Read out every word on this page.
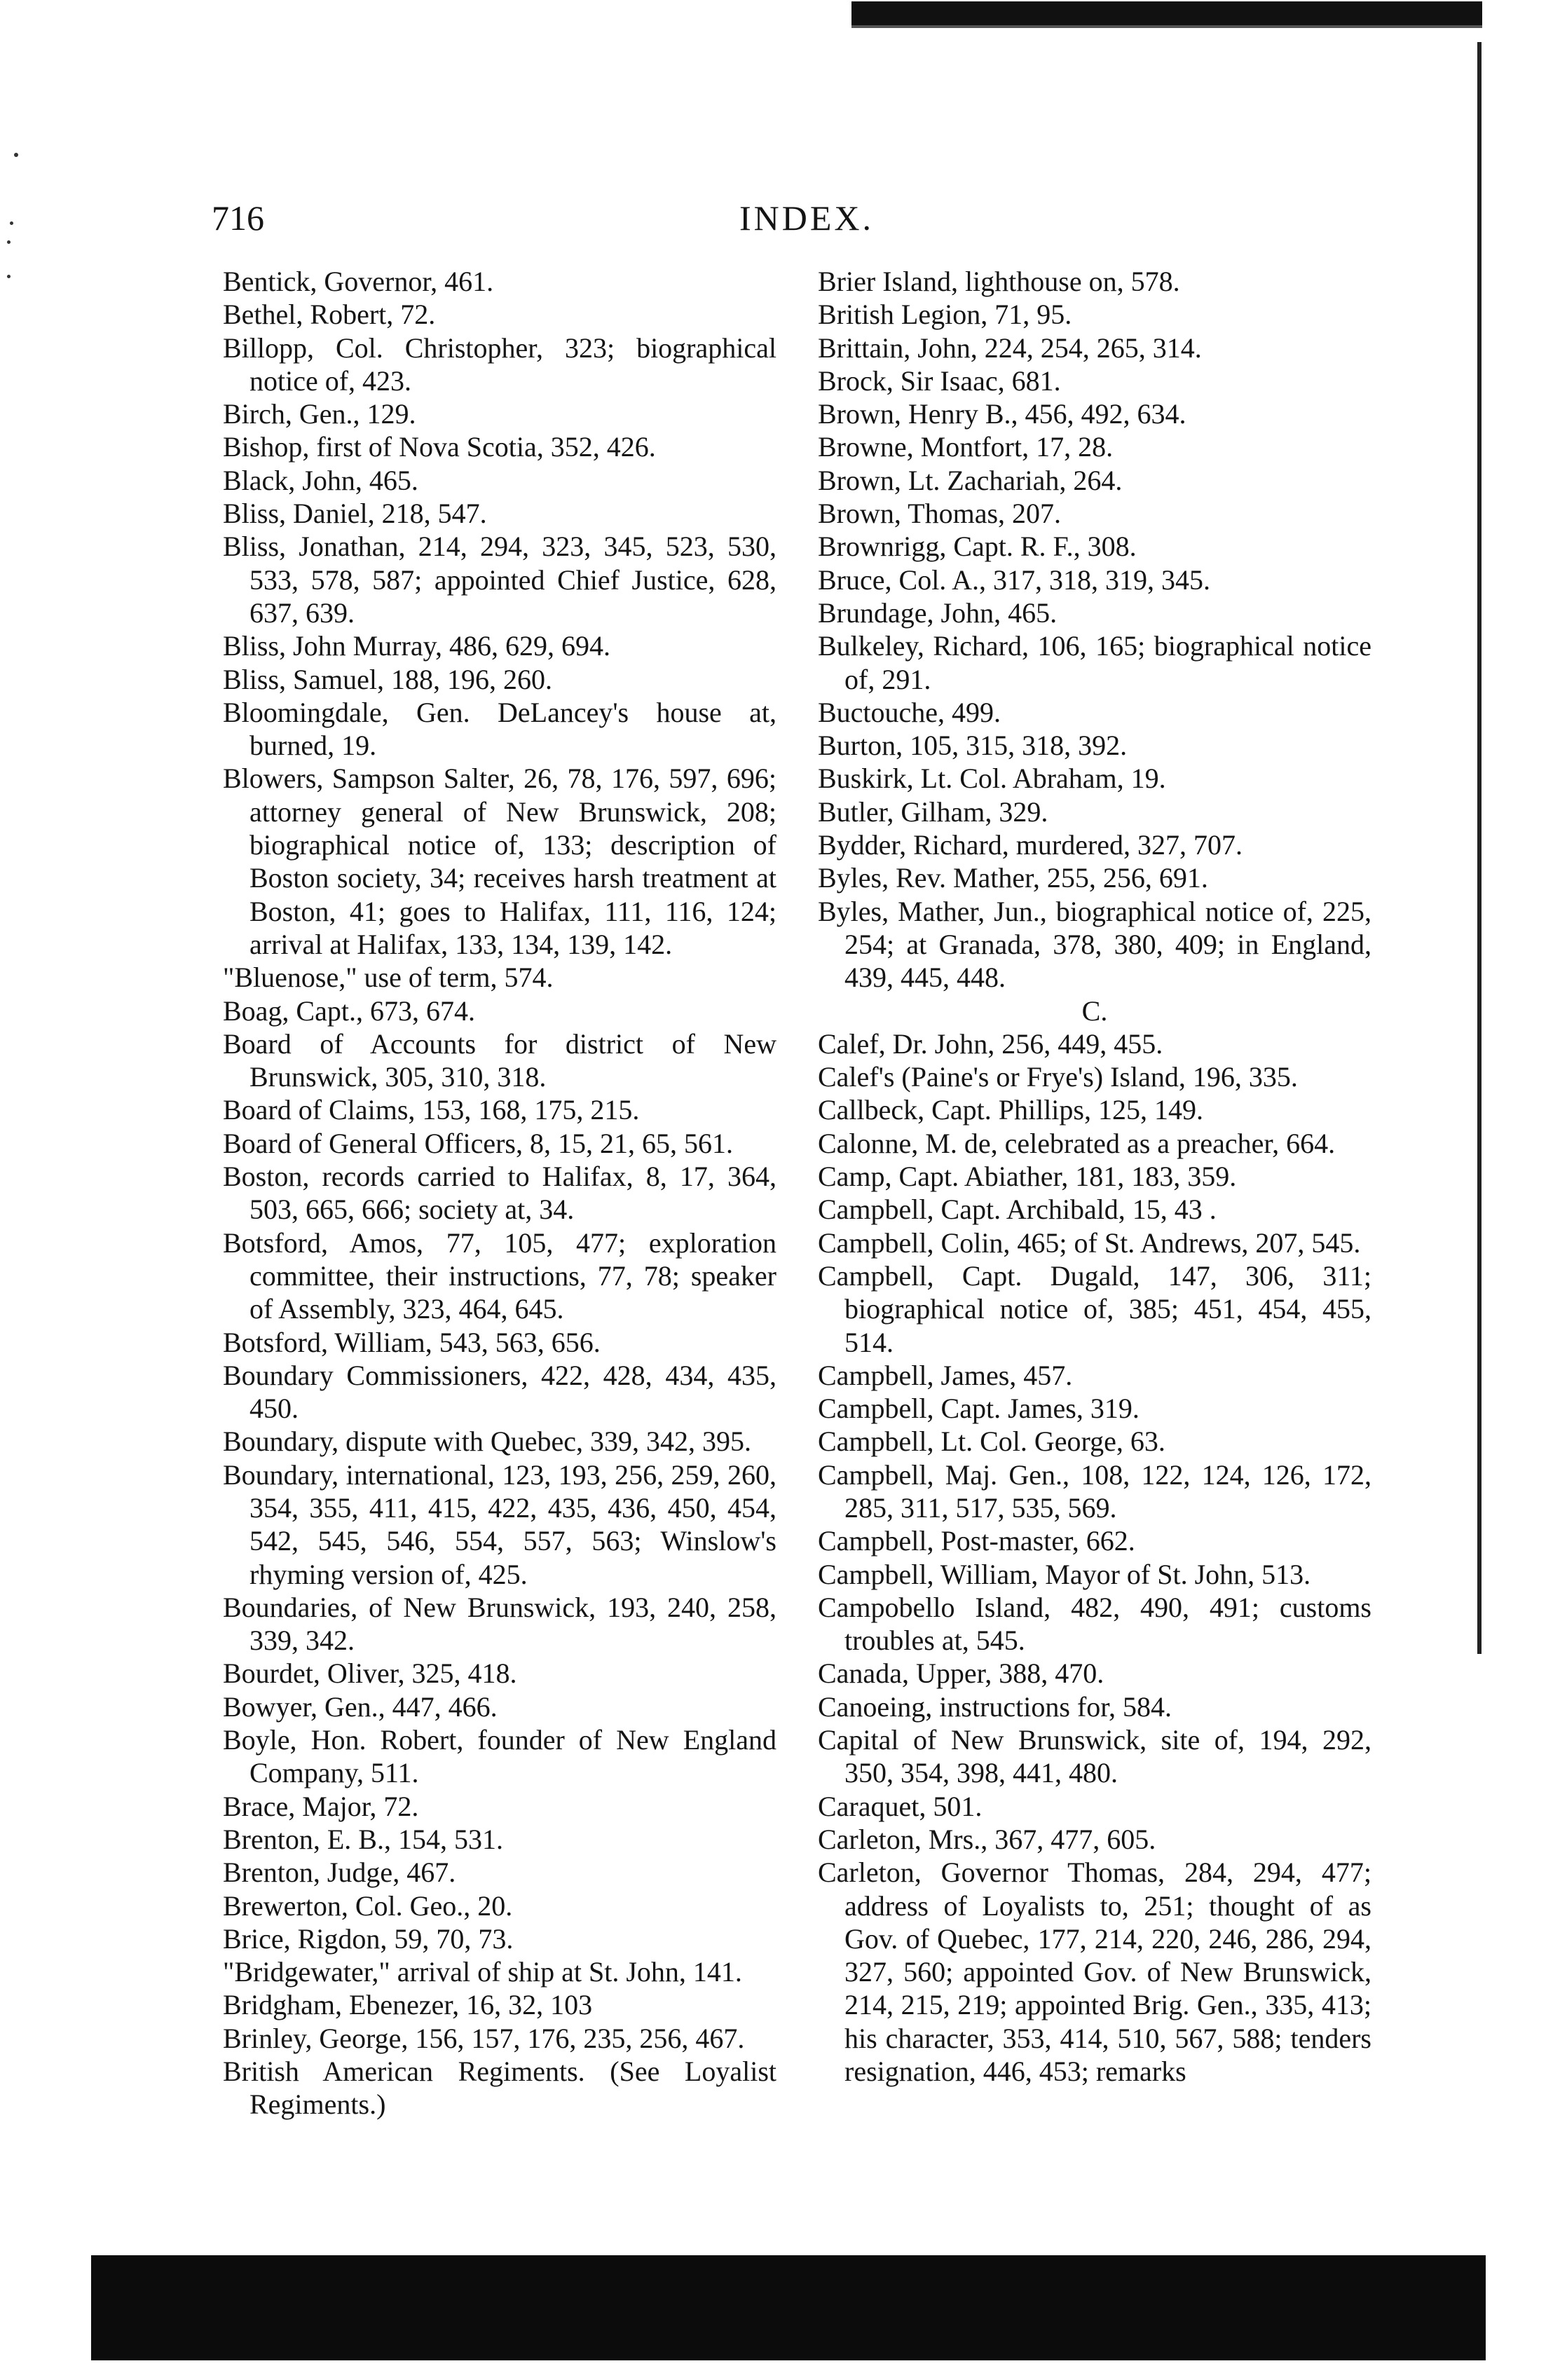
716	INDEX.

Bentick, Governor, 461.

Bethel, Robert, 72.

Billopp, Col. Christopher, 323; biographical notice of, 423.

Birch, Gen., 129.

Bishop, first of Nova Scotia, 352, 426.

Black, John, 465.

Bliss, Daniel, 218, 547.

Bliss, Jonathan, 214, 294, 323, 345, 523, 530, 533, 578, 587; appointed Chief Justice, 628, 637, 639.

Bliss, John Murray, 486, 629, 694.

Bliss, Samuel, 188, 196, 260.

Bloomingdale, Gen. DeLancey's house at, burned, 19.

Blowers, Sampson Salter, 26, 78, 176, 597, 696; attorney general of New Brunswick, 208; biographical notice of, 133; description of Boston society, 34; receives harsh treatment at Boston, 41; goes to Halifax, 111, 116, 124; arrival at Halifax, 133, 134, 139, 142.

"Bluenose," use of term, 574.

Boag, Capt., 673, 674.

Board of Accounts for district of New Brunswick, 305, 310, 318.

Board of Claims, 153, 168, 175, 215.

Board of General Officers, 8, 15, 21, 65, 561.

Boston, records carried to Halifax, 8, 17, 364, 503, 665, 666; society at, 34.

Botsford, Amos, 77, 105, 477; exploration committee, their instructions, 77, 78; speaker of Assembly, 323, 464, 645.

Botsford, William, 543, 563, 656.

Boundary Commissioners, 422, 428, 434, 435, 450.

Boundary, dispute with Quebec, 339, 342, 395.

Boundary, international, 123, 193, 256, 259, 260, 354, 355, 411, 415, 422, 435, 436, 450, 454, 542, 545, 546, 554, 557, 563; Winslow's rhyming version of, 425.

Boundaries, of New Brunswick, 193, 240, 258, 339, 342.

Bourdet, Oliver, 325, 418.

Bowyer, Gen., 447, 466.

Boyle, Hon. Robert, founder of New England Company, 511.

Brace, Major, 72.

Brenton, E. B., 154, 531.

Brenton, Judge, 467.

Brewerton, Col. Geo., 20.

Brice, Rigdon, 59, 70, 73.

"Bridgewater," arrival of ship at St. John, 141.

Bridgham, Ebenezer, 16, 32, 103

Brinley, George, 156, 157, 176, 235, 256, 467.

British American Regiments. (See Loyalist Regiments.)

Brier Island, lighthouse on, 578.

British Legion, 71, 95.

Brittain, John, 224, 254, 265, 314.

Brock, Sir Isaac, 681.

Brown, Henry B., 456, 492, 634.

Browne, Montfort, 17, 28.

Brown, Lt. Zachariah, 264.

Brown, Thomas, 207.

Brownrigg, Capt. R. F., 308.

Bruce, Col. A., 317, 318, 319, 345.

Brundage, John, 465.

Bulkeley, Richard, 106, 165; biographical notice of, 291.

Buctouche, 499.

Burton, 105, 315, 318, 392.

Buskirk, Lt. Col. Abraham, 19.

Butler, Gilham, 329.

Bydder, Richard, murdered, 327, 707.

Byles, Rev. Mather, 255, 256, 691.

Byles, Mather, Jun., biographical notice of, 225, 254; at Granada, 378, 380, 409; in England, 439, 445, 448.

C.

Calef, Dr. John, 256, 449, 455.

Calef's (Paine's or Frye's) Island, 196, 335.

Callbeck, Capt. Phillips, 125, 149.

Calonne, M. de, celebrated as a preacher, 664.

Camp, Capt. Abiather, 181, 183, 359.

Campbell, Capt. Archibald, 15, 43 .

Campbell, Colin, 465; of St. Andrews, 207, 545.

Campbell, Capt. Dugald, 147, 306, 311; biographical notice of, 385; 451, 454, 455, 514.

Campbell, James, 457.

Campbell, Capt. James, 319.

Campbell, Lt. Col. George, 63.

Campbell, Maj. Gen., 108, 122, 124, 126, 172, 285, 311, 517, 535, 569.

Campbell, Post-master, 662.

Campbell, William, Mayor of St. John, 513.

Campobello Island, 482, 490, 491; customs troubles at, 545.

Canada, Upper, 388, 470.

Canoeing, instructions for, 584.

Capital of New Brunswick, site of, 194, 292, 350, 354, 398, 441, 480.

Caraquet, 501.

Carleton, Mrs., 367, 477, 605.

Carleton, Governor Thomas, 284, 294, 477; address of Loyalists to, 251; thought of as Gov. of Quebec, 177, 214, 220, 246, 286, 294, 327, 560; appointed Gov. of New Brunswick, 214, 215, 219; appointed Brig. Gen., 335, 413; his character, 353, 414, 510, 567, 588; tenders resignation, 446, 453; remarks
